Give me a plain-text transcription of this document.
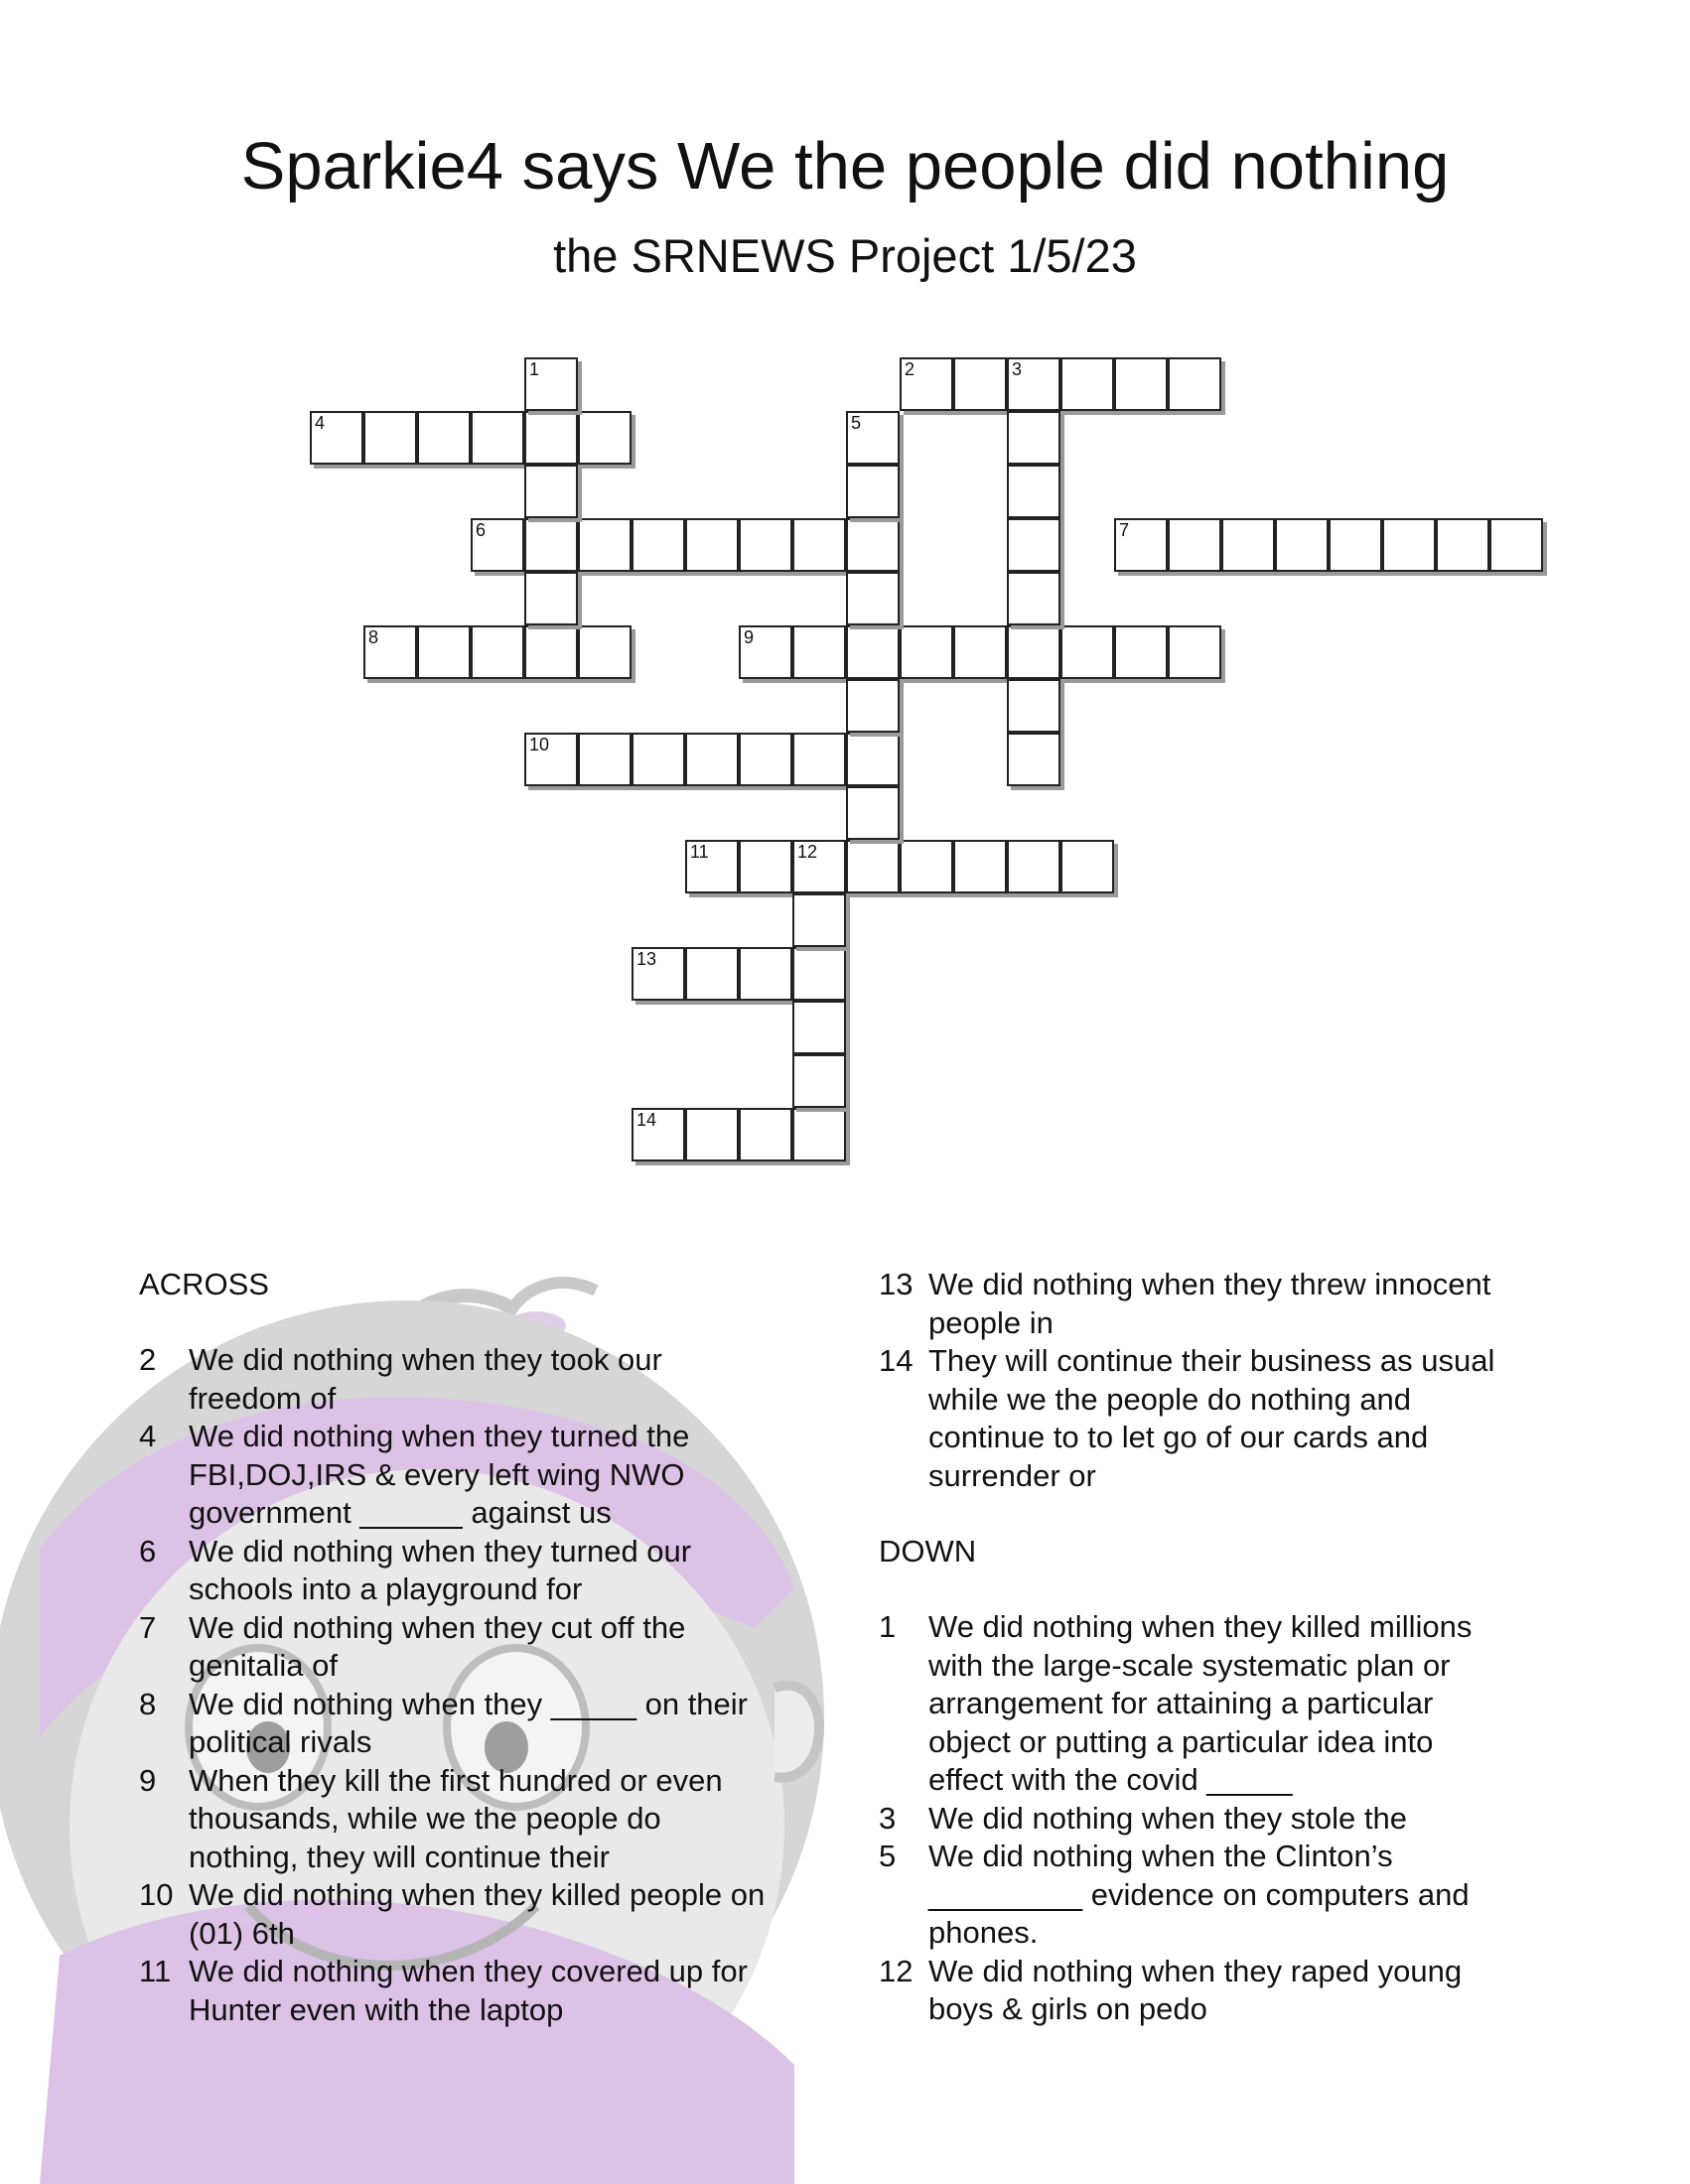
Sparkie4 says We the people did nothing
the SRNEWS Project 1/5/23
2	3
4
6	7
8	9
10
11	12
13
14
1
5
ACROSS
2	We did nothing when they took our freedom of
4	We did nothing when they turned the FBI,DOJ,IRS & every left wing NWO government ______ against us
6	We did nothing when they turned our schools into a playground for
7	We did nothing when they cut off the genitalia of
8	We did nothing when they _____ on their political rivals
9	When they kill the first hundred or even thousands, while we the people do nothing, they will continue their
10 We did nothing when they killed people on (01) 6th
11 We did nothing when they covered up for Hunter even with the laptop
13 We did nothing when they threw innocent people in
14 They will continue their business as usual while we the people do nothing and continue to to let go of our cards and surrender or
DOWN
1	We did nothing when they killed millions with the large-scale systematic plan or arrangement for attaining a particular object or putting a particular idea into effect with the covid _____
3	We did nothing when they stole the
5	We did nothing when the Clinton’s _________ evidence on computers and phones.
12 We did nothing when they raped young boys & girls on pedo
